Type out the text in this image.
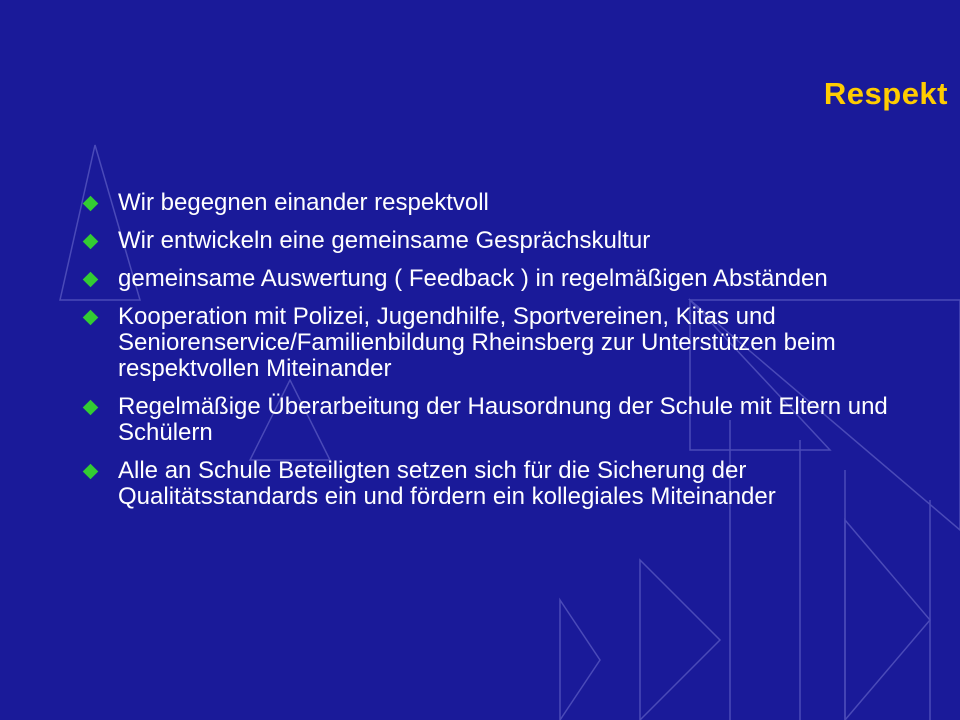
Respekt
Wir begegnen einander respektvoll
Wir entwickeln eine gemeinsame Gesprächskultur
gemeinsame Auswertung ( Feedback ) in regelmäßigen Abständen
Kooperation mit Polizei, Jugendhilfe, Sportvereinen, Kitas und Seniorenservice/Familienbildung Rheinsberg zur Unterstützen beim respektvollen Miteinander
Regelmäßige Überarbeitung der Hausordnung der Schule mit Eltern und Schülern
Alle an Schule Beteiligten setzen sich für die Sicherung der Qualitätsstandards ein und fördern ein kollegiales Miteinander
